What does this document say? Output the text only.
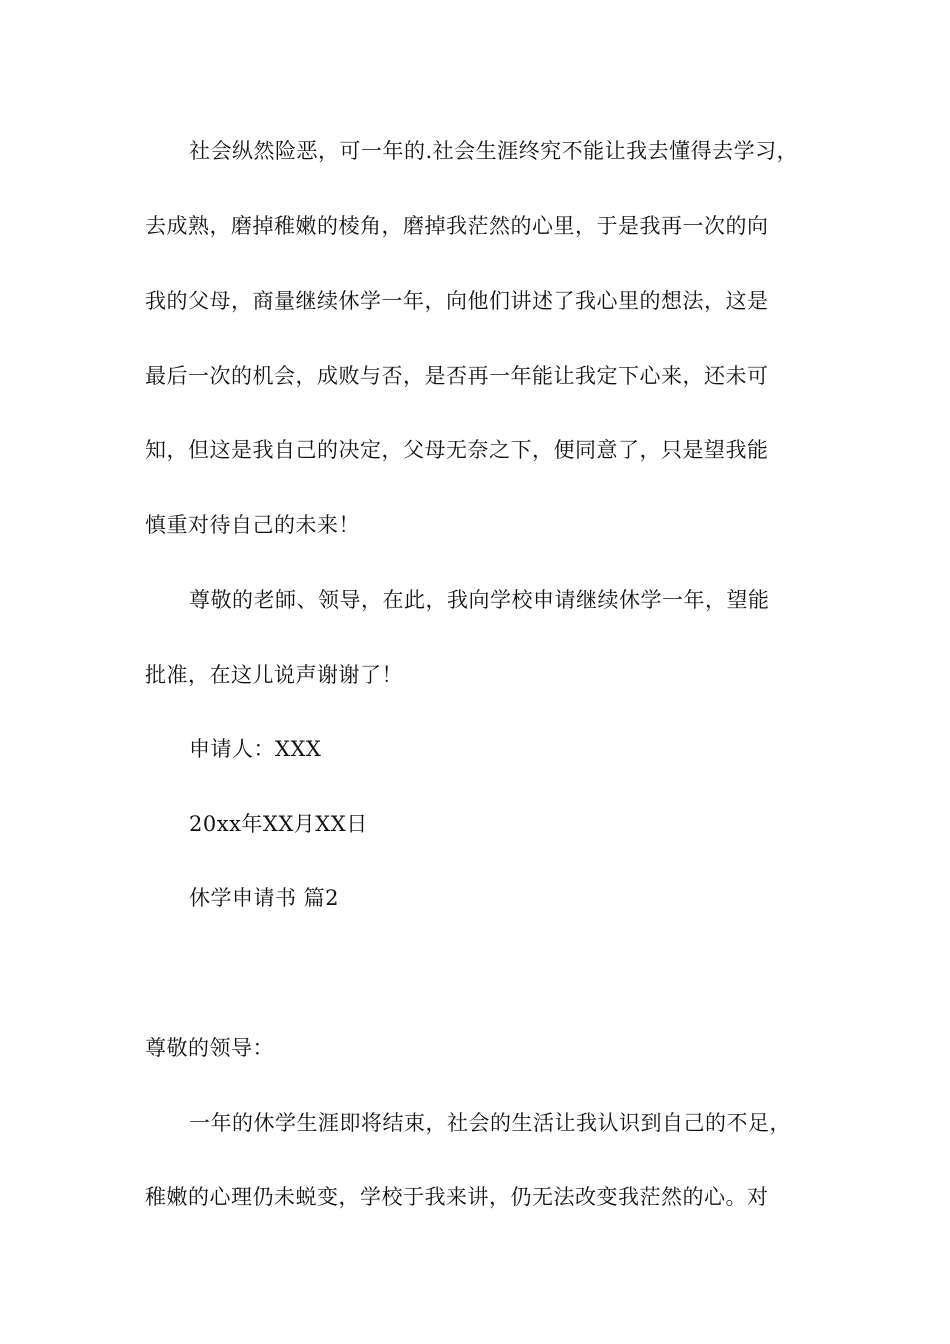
社会纵然险恶，可一年的.社会生涯终究不能让我去懂得去学习，
去成熟，磨掉稚嫩的棱角，磨掉我茫然的心里，于是我再一次的向
我的父母，商量继续休学一年，向他们讲述了我心里的想法，这是
最后一次的机会，成败与否，是否再一年能让我定下心来，还未可
知，但这是我自己的决定，父母无奈之下，便同意了，只是望我能
慎重对待自己的未来！
尊敬的老師、领导，在此，我向学校申请继续休学一年，望能
批准，在这儿说声谢谢了！
申请人：XXX
20xx年XX月XX日
休学申请书 篇2
尊敬的领导：
一年的休学生涯即将结束，社会的生活让我认识到自己的不足，
稚嫩的心理仍未蜕变，学校于我来讲，仍无法改变我茫然的心。对
